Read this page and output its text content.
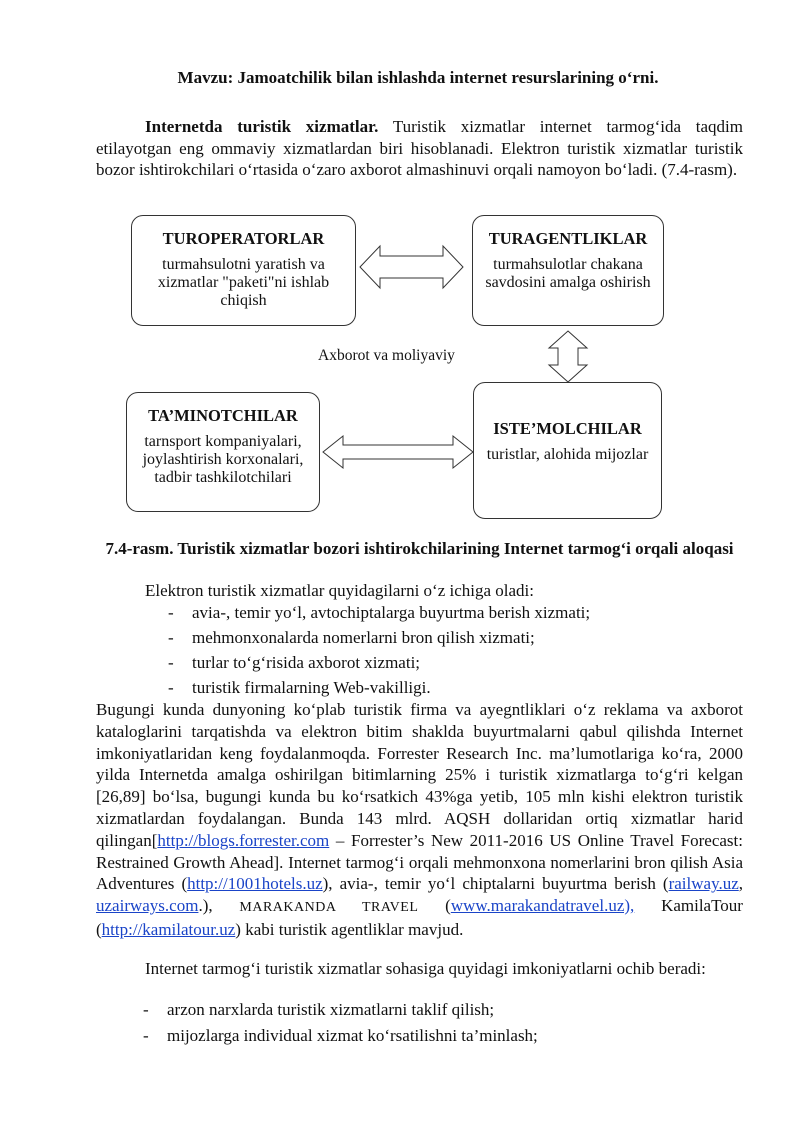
Mavzu: Jamoatchilik bilan ishlashda internet resurslarining o‘rni.

Internetda turistik xizmatlar. Turistik xizmatlar internet tarmog‘ida taqdim etilayotgan eng ommaviy xizmatlardan biri hisoblanadi. Elektron turistik xizmatlar turistik bozor ishtirokchilari o‘rtasida o‘zaro axborot almashinuvi orqali namoyon bo‘ladi. (7.4-rasm).

TUROPERATORLAR
turmahsulotni yaratish va xizmatlar "paketi"ni ishlab chiqish
TURAGENTLIKLAR
turmahsulotlar chakana savdosini amalga oshirish
Axborot va moliyaviy
TA’MINOTCHILAR
tarnsport kompaniyalari, joylashtirish korxonalari, tadbir tashkilotchilari
ISTE’MOLCHILAR
turistlar, alohida mijozlar
7.4-rasm. Turistik xizmatlar bozori ishtirokchilarining Internet tarmog‘i orqali aloqasi
Elektron turistik xizmatlar quyidagilarni o‘z ichiga oladi:
- avia-, temir yo‘l, avtochiptalarga buyurtma berish xizmati;
- mehmonxonalarda nomerlarni bron qilish xizmati;
- turlar to‘g‘risida axborot xizmati;
- turistik firmalarning Web-vakilligi.

Bugungi kunda dunyoning ko‘plab turistik firma va ayegntliklari o‘z reklama va axborot kataloglarini tarqatishda va elektron bitim shaklda buyurtmalarni qabul qilishda Internet imkoniyatlaridan keng foydalanmoqda. Forrester Research Inc. ma’lumotlariga ko‘ra, 2000 yilda Internetda amalga oshirilgan bitimlarning 25% i turistik xizmatlarga to‘g‘ri kelgan [26,89] bo‘lsa, bugungi kunda bu ko‘rsatkich 43%ga yetib, 105 mln kishi elektron turistik xizmatlardan foydalangan. Bunda 143 mlrd. AQSH dollaridan ortiq xizmatlar harid qilingan[http://blogs.forrester.com – Forrester’s New 2011-2016 US Online Travel Forecast: Restrained Growth Ahead]. Internet tarmog‘i orqali mehmonxona nomerlarini bron qilish Asia Adventures (http://1001hotels.uz), avia-, temir yo‘l chiptalarni buyurtma berish (railway.uz, uzairways.com.), MARAKANDA TRAVEL (www.marakandatravel.uz), KamilaTour (http://kamilatour.uz) kabi turistik agentliklar mavjud.

Internet tarmog‘i turistik xizmatlar sohasiga quyidagi imkoniyatlarni ochib beradi:

- arzon narxlarda turistik xizmatlarni taklif qilish;
- mijozlarga individual xizmat ko‘rsatilishni ta’minlash;
